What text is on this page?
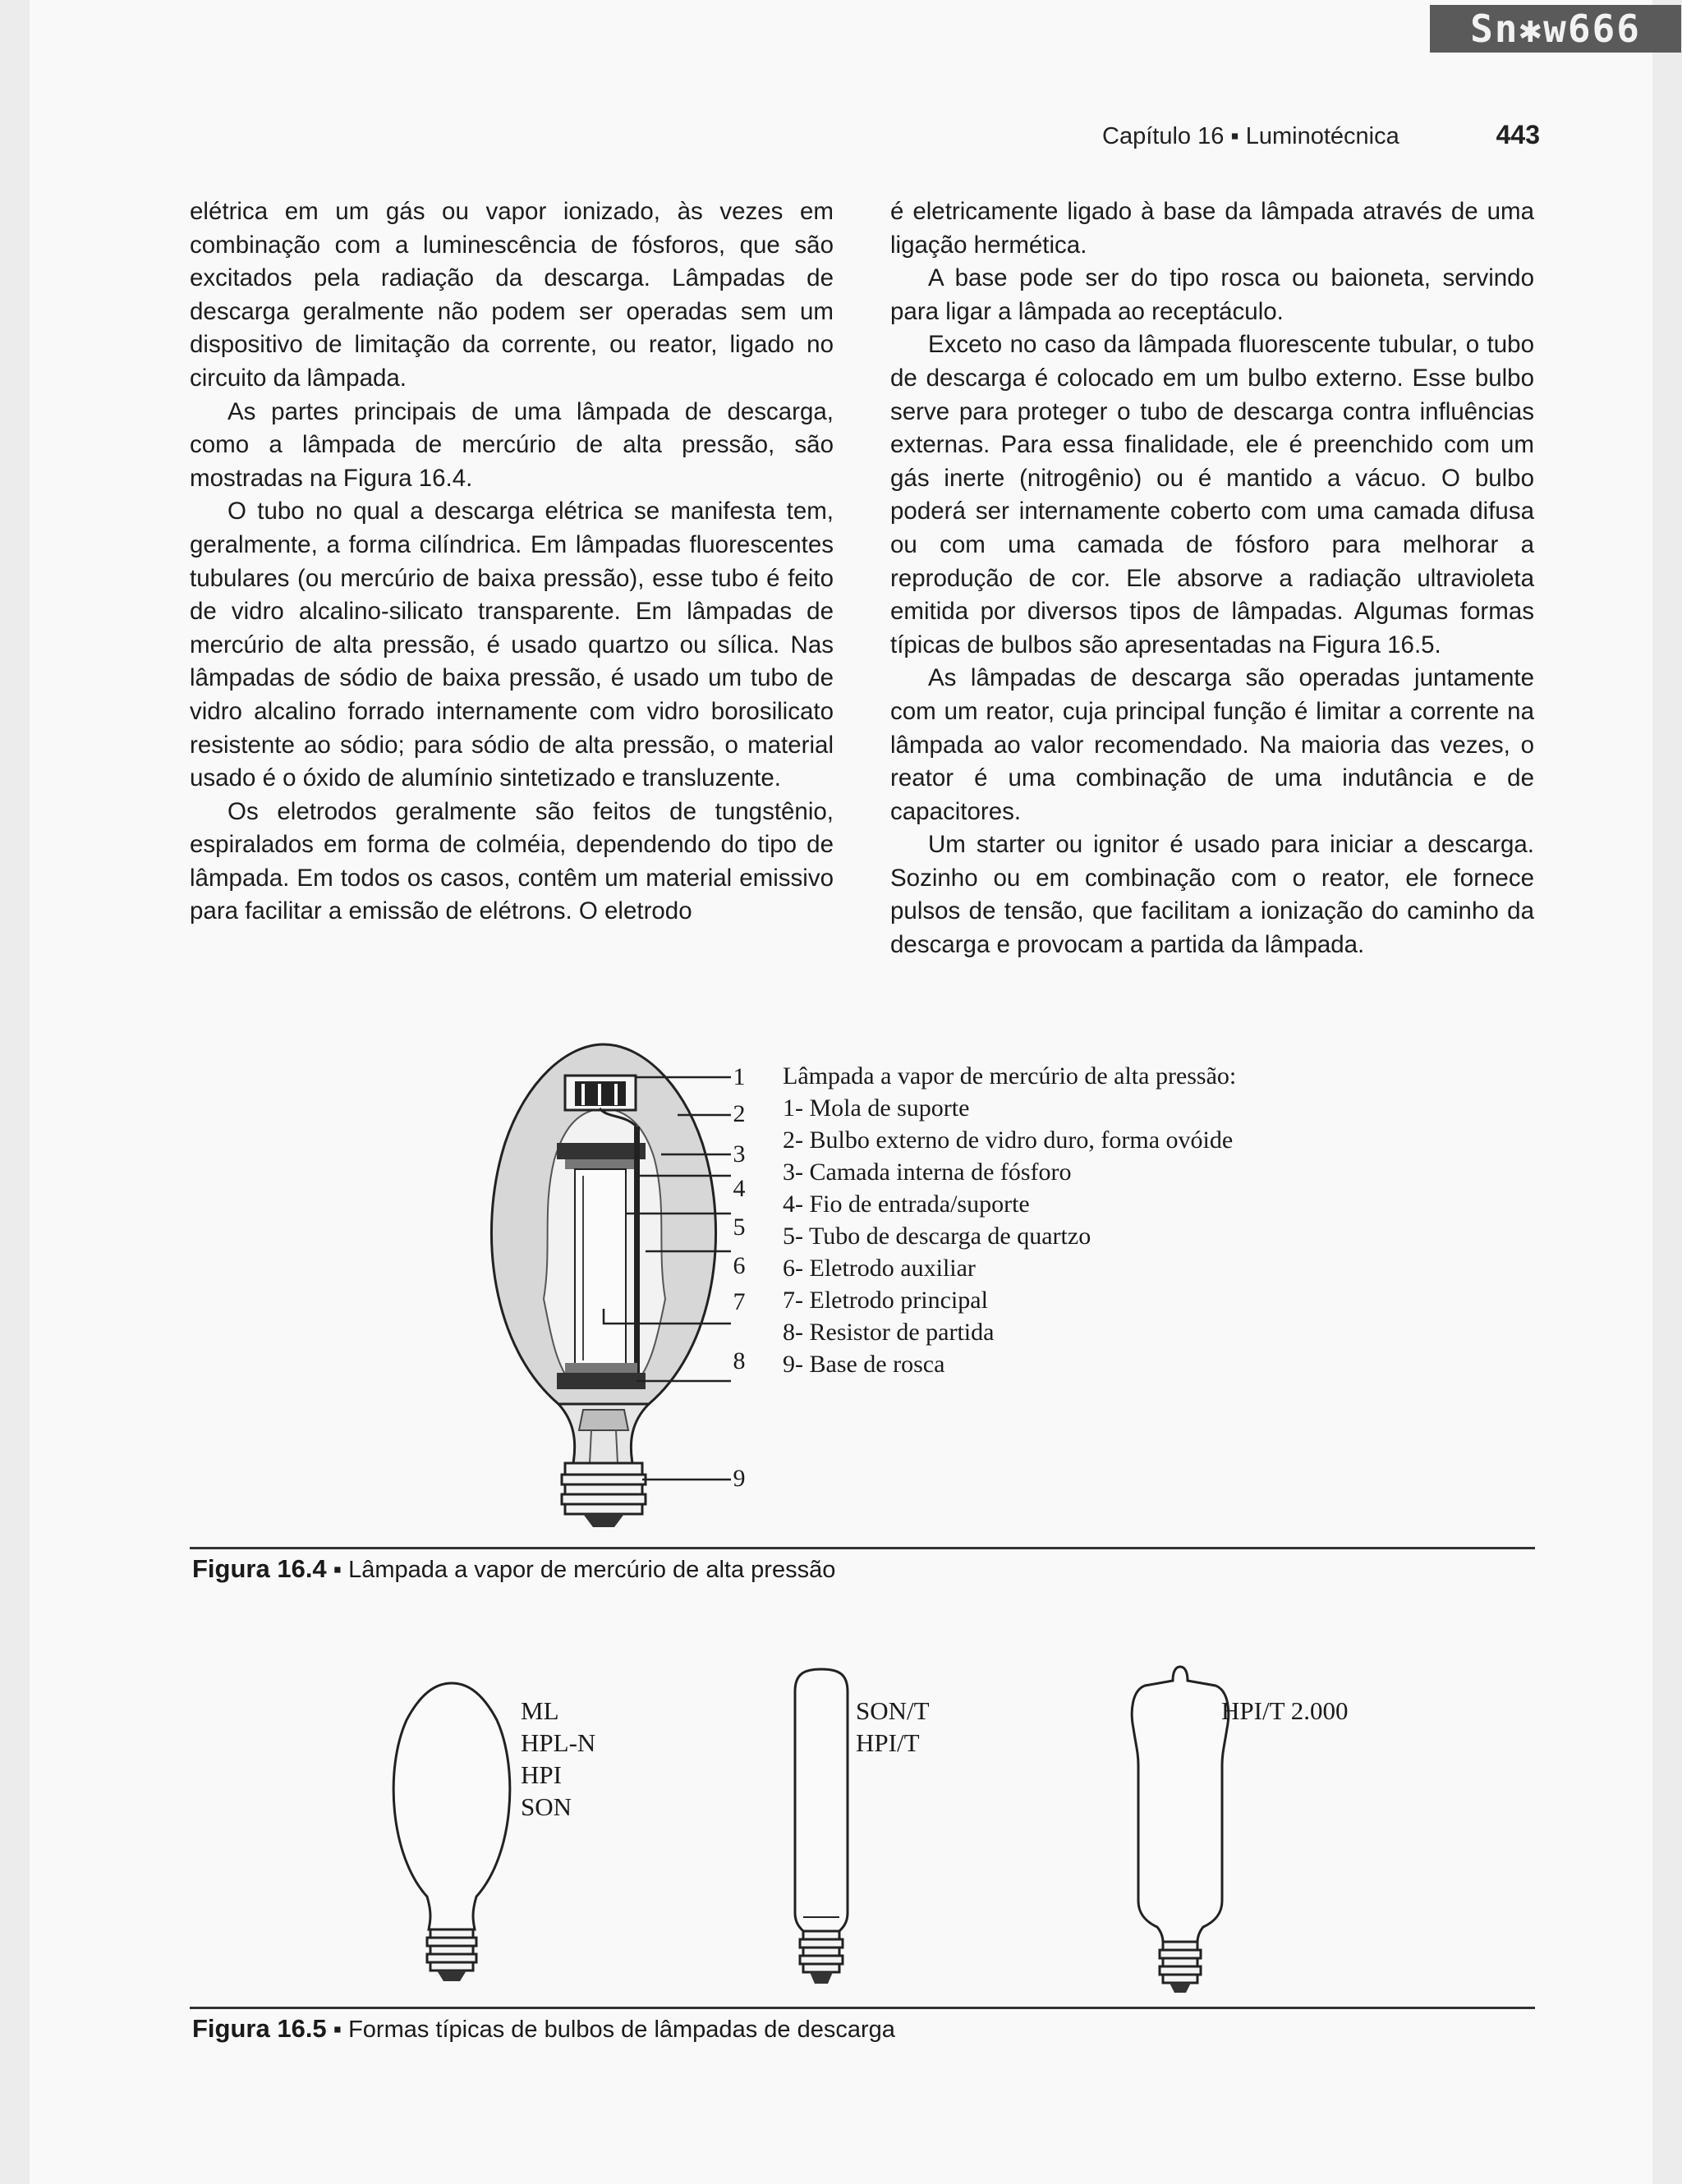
Sn✱w666
Capítulo 16 ▪ Luminotécnica	443

elétrica em um gás ou vapor ionizado, às vezes em combinação com a luminescência de fósforos, que são excitados pela radiação da descarga. Lâmpadas de descarga geralmente não podem ser operadas sem um dispositivo de limitação da corrente, ou reator, ligado no circuito da lâmpada.

As partes principais de uma lâmpada de descarga, como a lâmpada de mercúrio de alta pressão, são mostradas na Figura 16.4.

O tubo no qual a descarga elétrica se manifesta tem, geralmente, a forma cilíndrica. Em lâmpadas fluorescentes tubulares (ou mercúrio de baixa pressão), esse tubo é feito de vidro alcalino-silicato transparente. Em lâmpadas de mercúrio de alta pressão, é usado quartzo ou sílica. Nas lâmpadas de sódio de baixa pressão, é usado um tubo de vidro alcalino forrado internamente com vidro borosilicato resistente ao sódio; para sódio de alta pressão, o material usado é o óxido de alumínio sintetizado e transluzente.

Os eletrodos geralmente são feitos de tungstênio, espiralados em forma de colméia, dependendo do tipo de lâmpada. Em todos os casos, contêm um material emissivo para facilitar a emissão de elétrons. O eletrodo

é eletricamente ligado à base da lâmpada através de uma ligação hermética.

A base pode ser do tipo rosca ou baioneta, servindo para ligar a lâmpada ao receptáculo.

Exceto no caso da lâmpada fluorescente tubular, o tubo de descarga é colocado em um bulbo externo. Esse bulbo serve para proteger o tubo de descarga contra influências externas. Para essa finalidade, ele é preenchido com um gás inerte (nitrogênio) ou é mantido a vácuo. O bulbo poderá ser internamente coberto com uma camada difusa ou com uma camada de fósforo para melhorar a reprodução de cor. Ele absorve a radiação ultravioleta emitida por diversos tipos de lâmpadas. Algumas formas típicas de bulbos são apresentadas na Figura 16.5.

As lâmpadas de descarga são operadas juntamente com um reator, cuja principal função é limitar a corrente na lâmpada ao valor recomendado. Na maioria das vezes, o reator é uma combinação de uma indutância e de capacitores.

Um starter ou ignitor é usado para iniciar a descarga. Sozinho ou em combinação com o reator, ele fornece pulsos de tensão, que facilitam a ionização do caminho da descarga e provocam a partida da lâmpada.

1
2
3
4
5
6
7
8
9
Lâmpada a vapor de mercúrio de alta pressão:
1- Mola de suporte
2- Bulbo externo de vidro duro, forma ovóide
3- Camada interna de fósforo
4- Fio de entrada/suporte
5- Tubo de descarga de quartzo
6- Eletrodo auxiliar
7- Eletrodo principal
8- Resistor de partida
9- Base de rosca
Figura 16.4 ▪ Lâmpada a vapor de mercúrio de alta pressão
ML
HPL-N
HPI
SON
SON/T
HPI/T
HPI/T 2.000
Figura 16.5 ▪ Formas típicas de bulbos de lâmpadas de descarga
